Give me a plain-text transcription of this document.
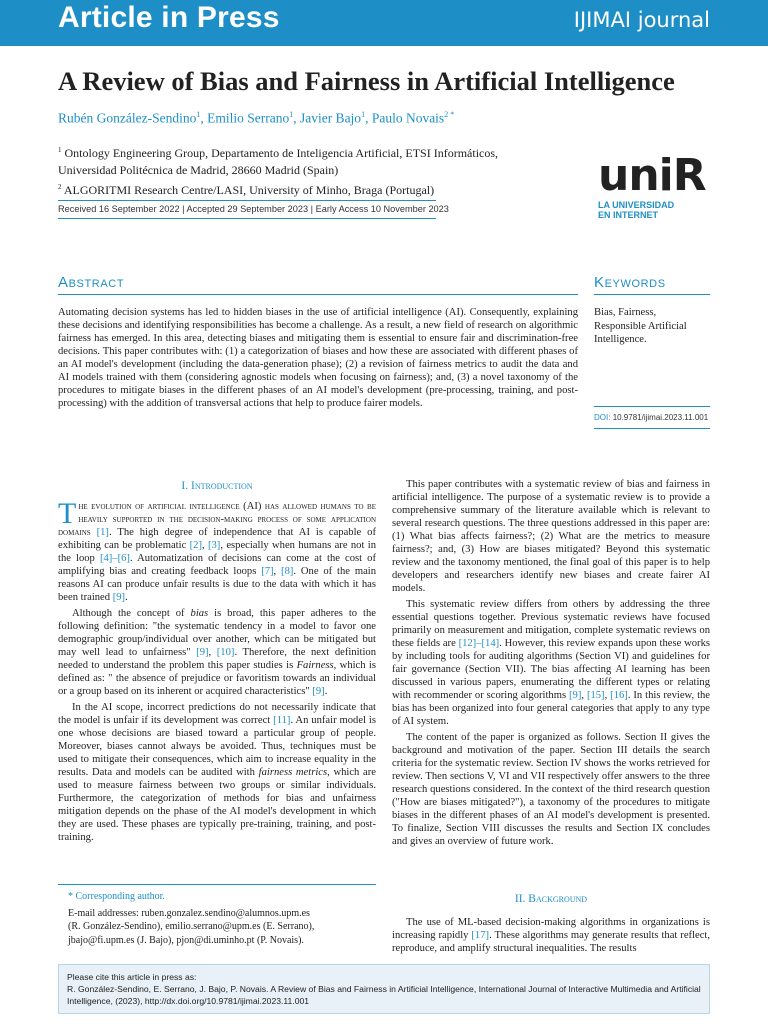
Article in Press	IJIMAI journal
A Review of Bias and Fairness in Artificial Intelligence
Rubén González-Sendino$^1$, Emilio Serrano$^1$, Javier Bajo$^1$, Paulo Novais$^{2 *}$
$^1$ Ontology Engineering Group, Departamento de Inteligencia Artificial, ETSI Informáticos,
Universidad Politécnica de Madrid, 28660 Madrid (Spain)
$^2$ ALGORITMI Research Centre/LASI, University of Minho, Braga (Portugal)
Received 16 September 2022 | Accepted 29 September 2023 | Early Access 10 November 2023
uniR
LA UNIVERSIDAD
EN INTERNET
Abstract	Keywords

Automating decision systems has led to hidden biases in the use of artificial intelligence (AI). Consequently, explaining these decisions and identifying responsibilities has become a challenge. As a result, a new field of research on algorithmic fairness has emerged. In this area, detecting biases and mitigating them is essential to ensure fair and discrimination-free decisions. This paper contributes with: (1) a categorization of biases and how these are associated with different phases of an AI model's development (including the data-generation phase); (2) a revision of fairness metrics to audit the data and AI models trained with them (considering agnostic models when focusing on fairness); and, (3) a novel taxonomy of the procedures to mitigate biases in the different phases of an AI model's development (pre-processing, training, and post-processing) with the addition of transversal actions that help to produce fairer models.

Bias, Fairness, Responsible Artificial Intelligence.

DOI: 10.9781/ijimai.2023.11.001
I. Introduction

The evolution of artificial intelligence (AI) has allowed humans to be heavily supported in the decision-making process of some application domains [1]. The high degree of independence that AI is capable of exhibiting can be problematic [2], [3], especially when humans are not in the loop [4]–[6]. Automatization of decisions can come at the cost of amplifying bias and creating feedback loops [7], [8]. One of the main reasons AI can produce unfair results is due to the data with which it has been trained [9].

Although the concept of bias is broad, this paper adheres to the following definition: "the systematic tendency in a model to favor one demographic group/individual over another, which can be mitigated but may well lead to unfairness" [9], [10]. Therefore, the next definition needed to understand the problem this paper studies is Fairness, which is defined as: " the absence of prejudice or favoritism towards an individual or a group based on its inherent or acquired characteristics" [9].

In the AI scope, incorrect predictions do not necessarily indicate that the model is unfair if its development was correct [11]. An unfair model is one whose decisions are biased toward a particular group of people. Moreover, biases cannot always be avoided. Thus, techniques must be used to mitigate their consequences, which aim to increase equality in the results. Data and models can be audited with fairness metrics, which are used to measure fairness between two groups or similar individuals. Furthermore, the categorization of methods for bias and unfairness mitigation depends on the phase of the AI model's development in which they are used. These phases are typically pre-training, training, and post-training.

This paper contributes with a systematic review of bias and fairness in artificial intelligence. The purpose of a systematic review is to provide a comprehensive summary of the literature available which is relevant to several research questions. The three questions addressed in this paper are: (1) What bias affects fairness?; (2) What are the metrics to measure fairness?; and, (3) How are biases mitigated? Beyond this systematic review and the taxonomy mentioned, the final goal of this paper is to help developers and researchers identify new biases and create fairer AI models.

This systematic review differs from others by addressing the three essential questions together. Previous systematic reviews have focused primarily on measurement and mitigation, complete systematic reviews on these fields are [12]–[14]. However, this review expands upon these works by including tools for auditing algorithms (Section VI) and guidelines for fair governance (Section VII). The bias affecting AI learning has been discussed in various papers, enumerating the different types or relating with recommender or scoring algorithms [9], [15], [16]. In this review, the bias has been organized into four general categories that apply to any type of AI system.

The content of the paper is organized as follows. Section II gives the background and motivation of the paper. Section III details the search criteria for the systematic review. Section IV shows the works retrieved for review. Then sections V, VI and VII respectively offer answers to the three research questions considered. In the context of the third research question ("How are biases mitigated?"), a taxonomy of the procedures to mitigate biases in the different phases of an AI model's development is presented. To finalize, Section VIII discusses the results and Section IX concludes and gives an overview of future work.

II. Background

The use of ML-based decision-making algorithms in organizations is increasing rapidly [17]. These algorithms may generate results that reflect, reproduce, and amplify structural inequalities. The results

* Corresponding author.
E-mail addresses: ruben.gonzalez.sendino@alumnos.upm.es
(R. González-Sendino), emilio.serrano@upm.es (E. Serrano),
jbajo@fi.upm.es (J. Bajo), pjon@di.uminho.pt (P. Novais).
Please cite this article in press as:
R. González-Sendino, E. Serrano, J. Bajo, P. Novais. A Review of Bias and Fairness in Artificial Intelligence, International Journal of Interactive Multimedia and Artificial Intelligence, (2023), http://dx.doi.org/10.9781/ijimai.2023.11.001
